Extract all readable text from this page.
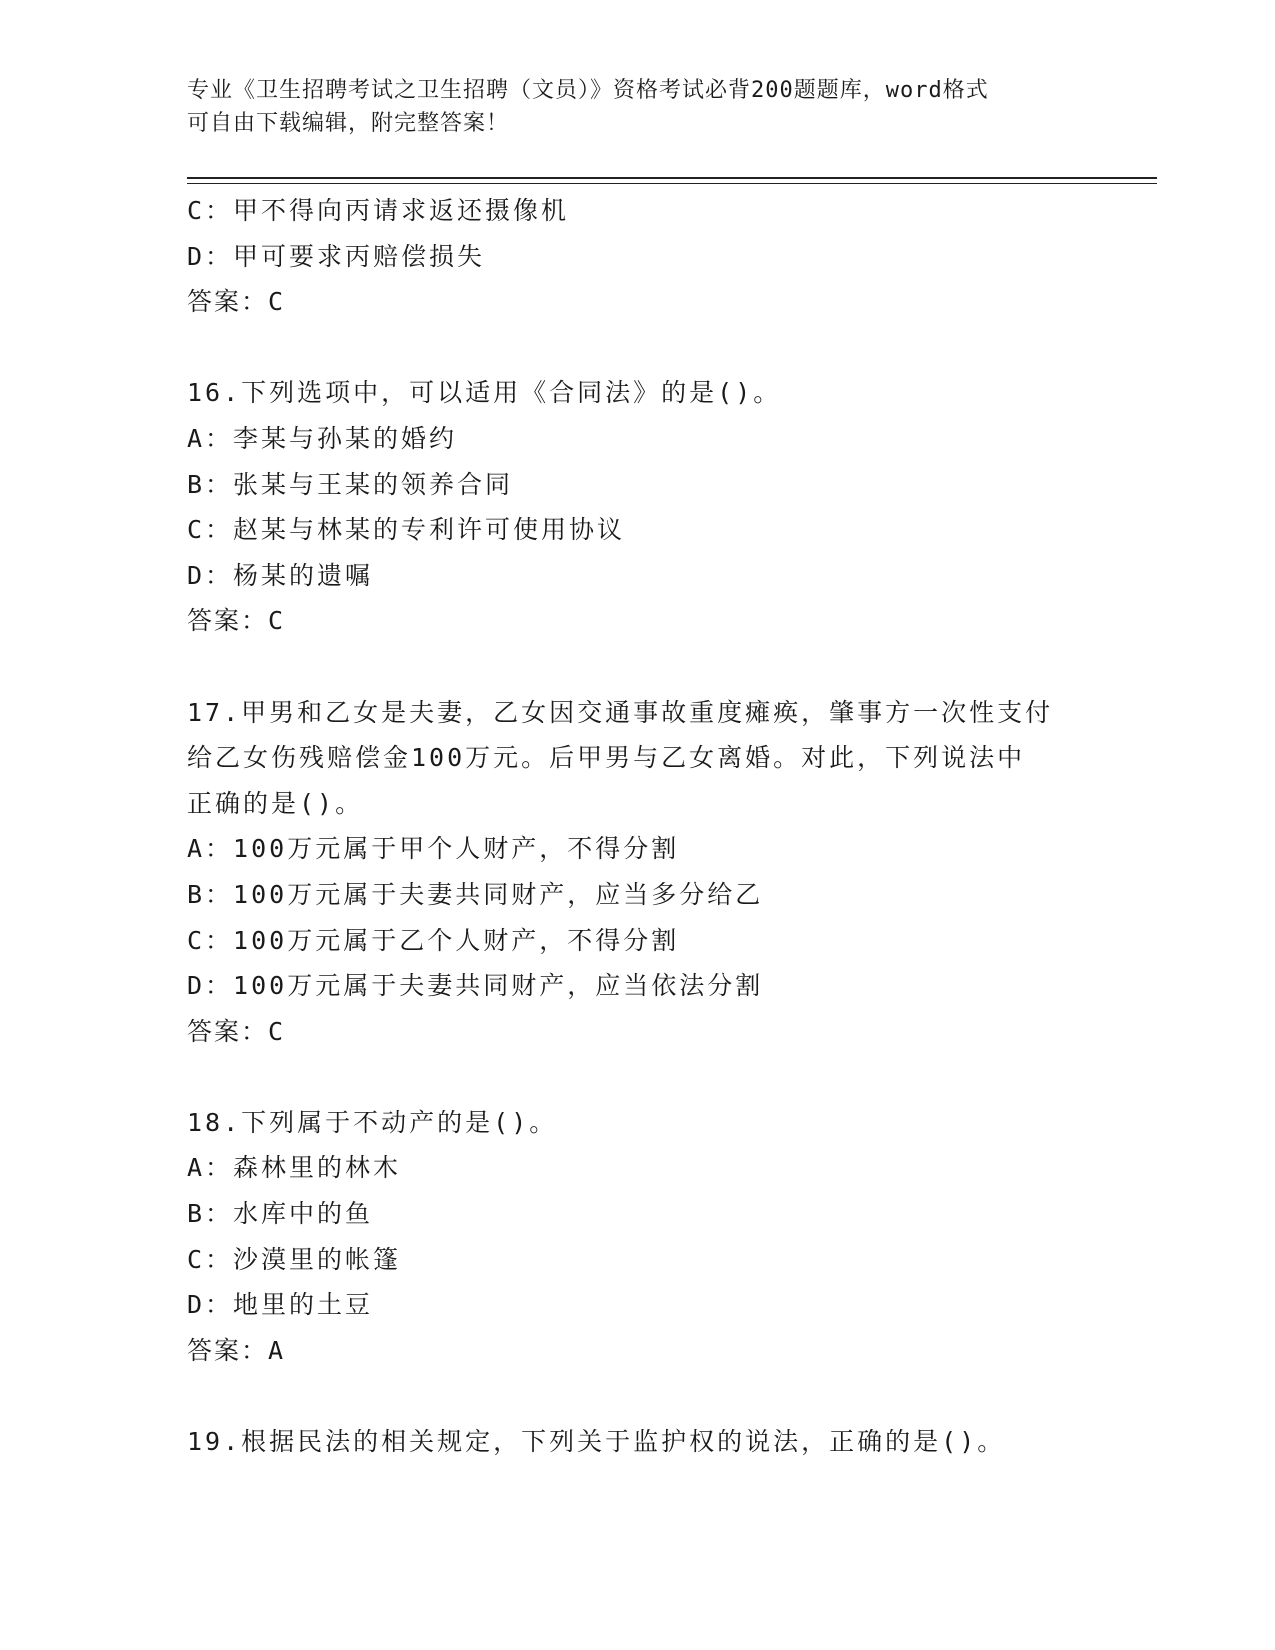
专业《卫生招聘考试之卫生招聘（文员）》资格考试必背200题题库，word格式
可自由下载编辑，附完整答案！
C：甲不得向丙请求返还摄像机
D：甲可要求丙赔偿损失
答案：C
16.下列选项中，可以适用《合同法》的是()。
A：李某与孙某的婚约
B：张某与王某的领养合同
C：赵某与林某的专利许可使用协议
D：杨某的遗嘱
答案：C
17.甲男和乙女是夫妻，乙女因交通事故重度瘫痪，肇事方一次性支付
给乙女伤残赔偿金100万元。后甲男与乙女离婚。对此，下列说法中
正确的是()。
A：100万元属于甲个人财产，不得分割
B：100万元属于夫妻共同财产，应当多分给乙
C：100万元属于乙个人财产，不得分割
D：100万元属于夫妻共同财产，应当依法分割
答案：C
18.下列属于不动产的是()。
A：森林里的林木
B：水库中的鱼
C：沙漠里的帐篷
D：地里的土豆
答案：A
19.根据民法的相关规定，下列关于监护权的说法，正确的是()。
